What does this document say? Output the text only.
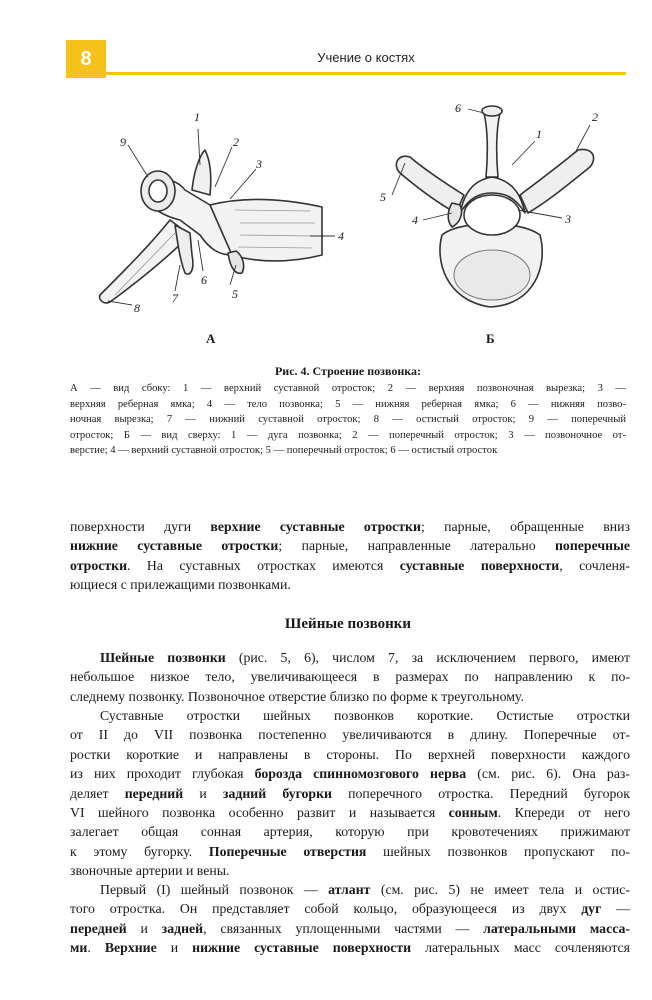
8	Учение о костях
1
2
3
4
5
6
7
8
9
1
2
3
4
5
6
А	Б
Рис. 4. Строение позвонка:
А — вид сбоку: 1 — верхний суставной отросток; 2 — верхняя позвоночная вырезка; 3 —
верхняя реберная ямка; 4 — тело позвонка; 5 — нижняя реберная ямка; 6 — нижняя позво-
ночная вырезка; 7 — нижний суставной отросток; 8 — остистый отросток; 9 — поперечный
отросток; Б — вид сверху: 1 — дуга позвонка; 2 — поперечный отросток; 3 — позвоночное от-
верстие; 4 — верхний суставной отросток; 5 — поперечный отросток; 6 — остистый отросток
поверхности дуги верхние суставные отростки; парные, обращенные вниз
нижние суставные отростки; парные, направленные латерально поперечные
отростки. На суставных отростках имеются суставные поверхности, сочленя-
ющиеся с прилежащими позвонками.
Шейные позвонки
Шейные позвонки (рис. 5, 6), числом 7, за исключением первого, имеют
небольшое низкое тело, увеличивающееся в размерах по направлению к по-
следнему позвонку. Позвоночное отверстие близко по форме к треугольному.
Суставные отростки шейных позвонков короткие. Остистые отростки
от II до VII позвонка постепенно увеличиваются в длину. Поперечные от-
ростки короткие и направлены в стороны. По верхней поверхности каждого
из них проходит глубокая борозда спинномозгового нерва (см. рис. 6). Она раз-
деляет передний и задний бугорки поперечного отростка. Передний бугорок
VI шейного позвонка особенно развит и называется сонным. Кпереди от него
залегает общая сонная артерия, которую при кровотечениях прижимают
к этому бугорку. Поперечные отверстия шейных позвонков пропускают по-
звоночные артерии и вены.
Первый (I) шейный позвонок — атлант (см. рис. 5) не имеет тела и остис-
того отростка. Он представляет собой кольцо, образующееся из двух дуг —
передней и задней, связанных уплощенными частями — латеральными масса-
ми. Верхние и нижние суставные поверхности латеральных масс сочленяются
